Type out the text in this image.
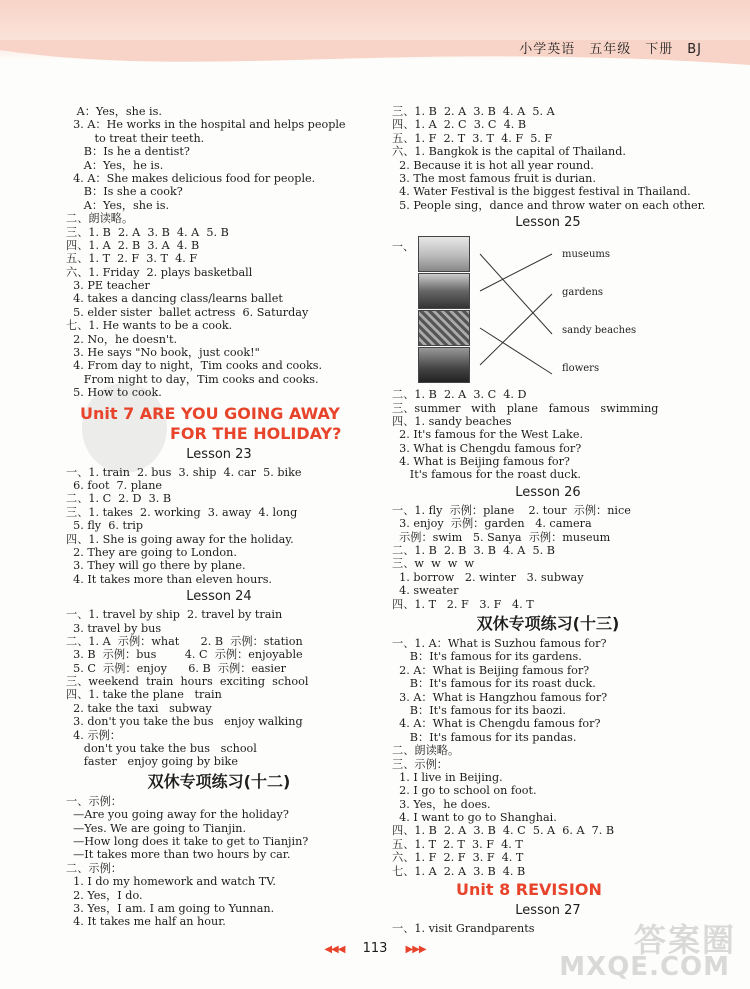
小学英语　五年级　下册　BJ
A：Yes，she is.
3. A：He works in the hospital and helps people
to treat their teeth.
B：Is he a dentist?
A：Yes，he is.
4. A：She makes delicious food for people.
B：Is she a cook?
A：Yes，she is.
二、朗读略。
三、1. B  2. A  3. B  4. A  5. B
四、1. A  2. B  3. A  4. B
五、1. T  2. F  3. T  4. F
六、1. Friday  2. plays basketball
3. PE teacher
4. takes a dancing class/learns ballet
5. elder sister  ballet actress  6. Saturday
七、1. He wants to be a cook.
2. No，he doesn't.
3. He says "No book，just cook!"
4. From day to night，Tim cooks and cooks.
From night to day，Tim cooks and cooks.
5. How to cook.
Unit 7 ARE YOU GOING AWAY
FOR THE HOLIDAY?
Lesson 23
一、1. train  2. bus  3. ship  4. car  5. bike
6. foot  7. plane
二、1. C  2. D  3. B
三、1. takes  2. working  3. away  4. long
5. fly  6. trip
四、1. She is going away for the holiday.
2. They are going to London.
3. They will go there by plane.
4. It takes more than eleven hours.
Lesson 24
一、1. travel by ship  2. travel by train
3. travel by bus
二、1. A  示例：what      2. B  示例：station
3. B  示例：bus        4. C  示例：enjoyable
5. C  示例：enjoy      6. B  示例：easier
三、weekend  train  hours  exciting  school
四、1. take the plane   train
2. take the taxi   subway
3. don't you take the bus   enjoy walking
4. 示例：
don't you take the bus   school
faster   enjoy going by bike
双休专项练习(十二)
一、示例：
—Are you going away for the holiday?
—Yes. We are going to Tianjin.
—How long does it take to get to Tianjin?
—It takes more than two hours by car.
二、示例：
1. I do my homework and watch TV.
2. Yes，I do.
3. Yes，I am. I am going to Yunnan.
4. It takes me half an hour.
三、1. B  2. A  3. B  4. A  5. A
四、1. A  2. C  3. C  4. B
五、1. F  2. T  3. T  4. F  5. F
六、1. Bangkok is the capital of Thailand.
2. Because it is hot all year round.
3. The most famous fruit is durian.
4. Water Festival is the biggest festival in Thailand.
5. People sing，dance and throw water on each other.
Lesson 25
一、
museums
gardens
sandy beaches
flowers
二、1. B  2. A  3. C  4. D
三、summer   with   plane   famous   swimming
四、1. sandy beaches
2. It's famous for the West Lake.
3. What is Chengdu famous for?
4. What is Beijing famous for?
It's famous for the roast duck.
Lesson 26
一、1. fly  示例：plane    2. tour  示例：nice
3. enjoy  示例：garden   4. camera
示例：swim   5. Sanya  示例：museum
二、1. B  2. B  3. B  4. A  5. B
三、w  w  w  w
1. borrow   2. winter   3. subway
4. sweater
四、1. T   2. F   3. F   4. T
双休专项练习(十三)
一、1. A：What is Suzhou famous for?
B：It's famous for its gardens.
2. A：What is Beijing famous for?
B：It's famous for its roast duck.
3. A：What is Hangzhou famous for?
B：It's famous for its baozi.
4. A：What is Chengdu famous for?
B：It's famous for its pandas.
二、朗读略。
三、示例：
1. I live in Beijing.
2. I go to school on foot.
3. Yes，he does.
4. I want to go to Shanghai.
四、1. B  2. A  3. B  4. C  5. A  6. A  7. B
五、1. T  2. T  3. F  4. T
六、1. F  2. F  3. F  4. T
七、1. A  2. A  3. B  4. B
Unit 8 REVISION
Lesson 27
一、1. visit Grandparents
◀◀◀ 113 ▶▶▶	答案圈
MXQE.COM
